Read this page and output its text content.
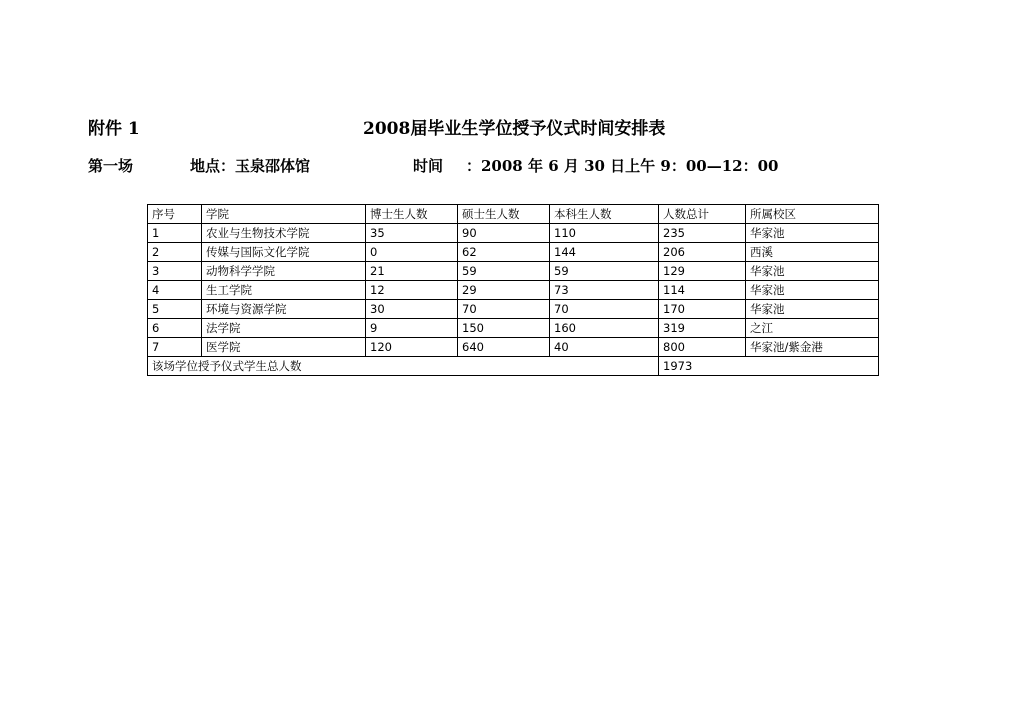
附件 1	2008届毕业生学位授予仪式时间安排表
第一场	地点：玉泉邵体馆	时间 ：2008 年 6 月 30 日上午 9：00—12：00
序号	学院	博士生人数	硕士生人数	本科生人数	人数总计	所属校区
1	农业与生物技术学院	35	90	110	235	华家池
2	传媒与国际文化学院	0	62	144	206	西溪
3	动物科学学院	21	59	59	129	华家池
4	生工学院	12	29	73	114	华家池
5	环境与资源学院	30	70	70	170	华家池
6	法学院	9	150	160	319	之江
7	医学院	120	640	40	800	华家池/紫金港
该场学位授予仪式学生总人数					1973	
